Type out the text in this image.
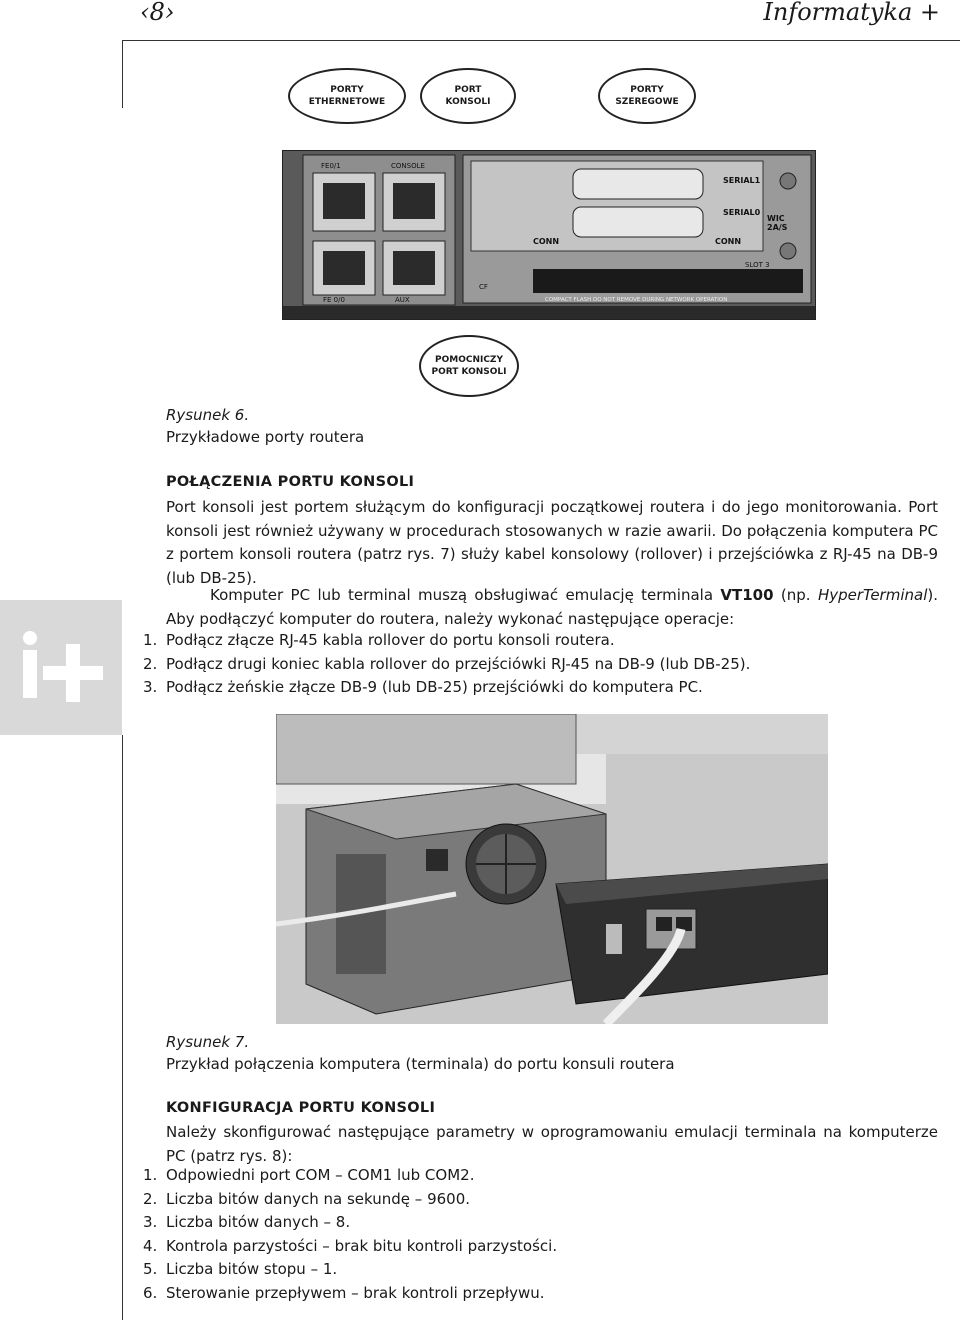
‹8›	Informatyka +
PORTY
ETHERNETOWE
PORT
KONSOLI
PORTY
SZEREGOWE
POMOCNICZY
PORT KONSOLI
FE0/1	CONSOLE
FE 0/0	AUX
SERIAL1
SERIAL0
CONN	CONN
WIC 2A/S
SLOT 3
CF
COMPACT FLASH DO NOT REMOVE DURING NETWORK OPERATION
Rysunek 6.
Przykładowe porty routera
POŁĄCZENIA PORTU KONSOLI
Port konsoli jest portem służącym do konfiguracji początkowej routera i do jego monitorowania. Port konsoli jest również używany w procedurach stosowanych w razie awarii. Do połączenia komputera PC z portem konsoli routera (patrz rys. 7) służy kabel konsolowy (rollover) i przejściówka z RJ-45 na DB-9 (lub DB-25).
Komputer PC lub terminal muszą obsługiwać emulację terminala VT100 (np. HyperTerminal). Aby podłączyć komputer do routera, należy wykonać następujące operacje:
1. Podłącz złącze RJ-45 kabla rollover do portu konsoli routera.
2. Podłącz drugi koniec kabla rollover do przejściówki RJ-45 na DB-9 (lub DB-25).
3. Podłącz żeńskie złącze DB-9 (lub DB-25) przejściówki do komputera PC.
Rysunek 7.
Przykład połączenia komputera (terminala) do portu konsuli routera
KONFIGURACJA PORTU KONSOLI
Należy skonfigurować następujące parametry w oprogramowaniu emulacji terminala na komputerze PC (patrz rys. 8):
1. Odpowiedni port COM – COM1 lub COM2.
2. Liczba bitów danych na sekundę – 9600.
3. Liczba bitów danych – 8.
4. Kontrola parzystości – brak bitu kontroli parzystości.
5. Liczba bitów stopu – 1.
6. Sterowanie przepływem – brak kontroli przepływu.
